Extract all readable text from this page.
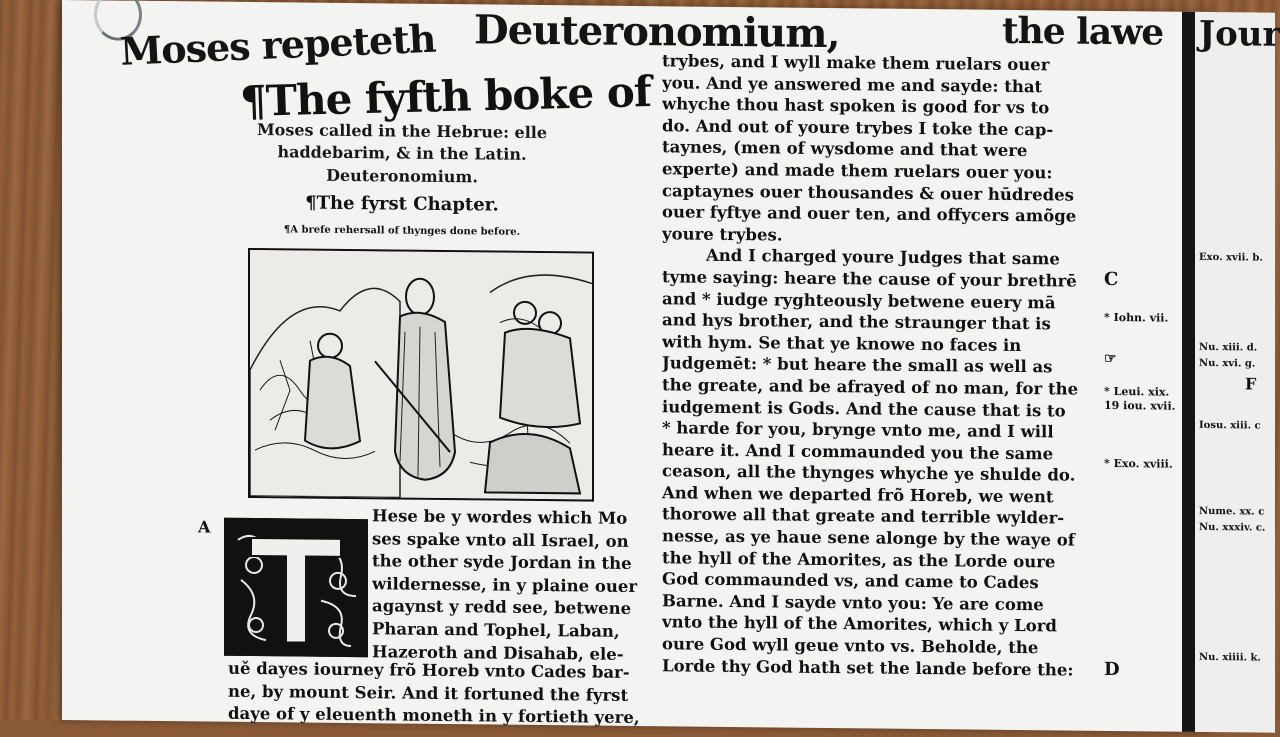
Moses repeteth Deuteronomium,	the lawe
¶The fyfth boke of
Moses called in the Hebrue: elle
haddebarim, & in the Latin.
Deuteronomium.
¶The fyrst Chapter.
¶A brefe rehersall of thynges done before.
A	Hese be y wordes which Mo
ses spake vnto all Israel, on
the other syde Jordan in the
wildernesse, in y plaine ouer
agaynst y redd see, betwene
Pharan and Tophel, Laban,
Hazeroth and Disahab, ele-
uě dayes iourney frõ Horeb vnto Cades bar-
ne, by mount Seir. And it fortuned the fyrst
daye of y eleuenth moneth in y fortieth yere,
trybes, and I wyll make them ruelars ouer
you. And ye answered me and sayde: that
whyche thou hast spoken is good for vs to
do. And out of youre trybes I toke the cap-
taynes, (men of wysdome and that were
experte) and made them ruelars ouer you:
captaynes ouer thousandes & ouer hūdredes
ouer fyftye and ouer ten, and offycers amõge
youre trybes.
And I charged youre Judges that same
tyme saying: heare the cause of your brethrē
and * iudge ryghteously betwene euery mā
and hys brother, and the straunger that is
with hym. Se that ye knowe no faces in
Judgemēt: * but heare the small as well as
the greate, and be afrayed of no man, for the
iudgement is Gods. And the cause that is to
* harde for you, brynge vnto me, and I will
heare it. And I commaunded you the same
ceason, all the thynges whyche ye shulde do.
And when we departed frõ Horeb, we went
thorowe all that greate and terrible wylder-
nesse, as ye haue sene alonge by the waye of
the hyll of the Amorites, as the Lorde oure
God commaunded vs, and came to Cades
Barne. And I sayde vnto you: Ye are come
vnto the hyll of the Amorites, which y Lord
oure God wyll geue vnto vs. Beholde, the
Lorde thy God hath set the lande before the:
C
* Iohn. vii.
☞
* Leui. xix.
19 iou. xvii.
* Exo. xviii.
D
Jour
Exo. xvii. b.
Nu. xiii. d.
Nu. xvi. g.
F
Iosu. xiii. c
Nume. xx. c
Nu. xxxiv. c.
Nu. xiiii. k.
